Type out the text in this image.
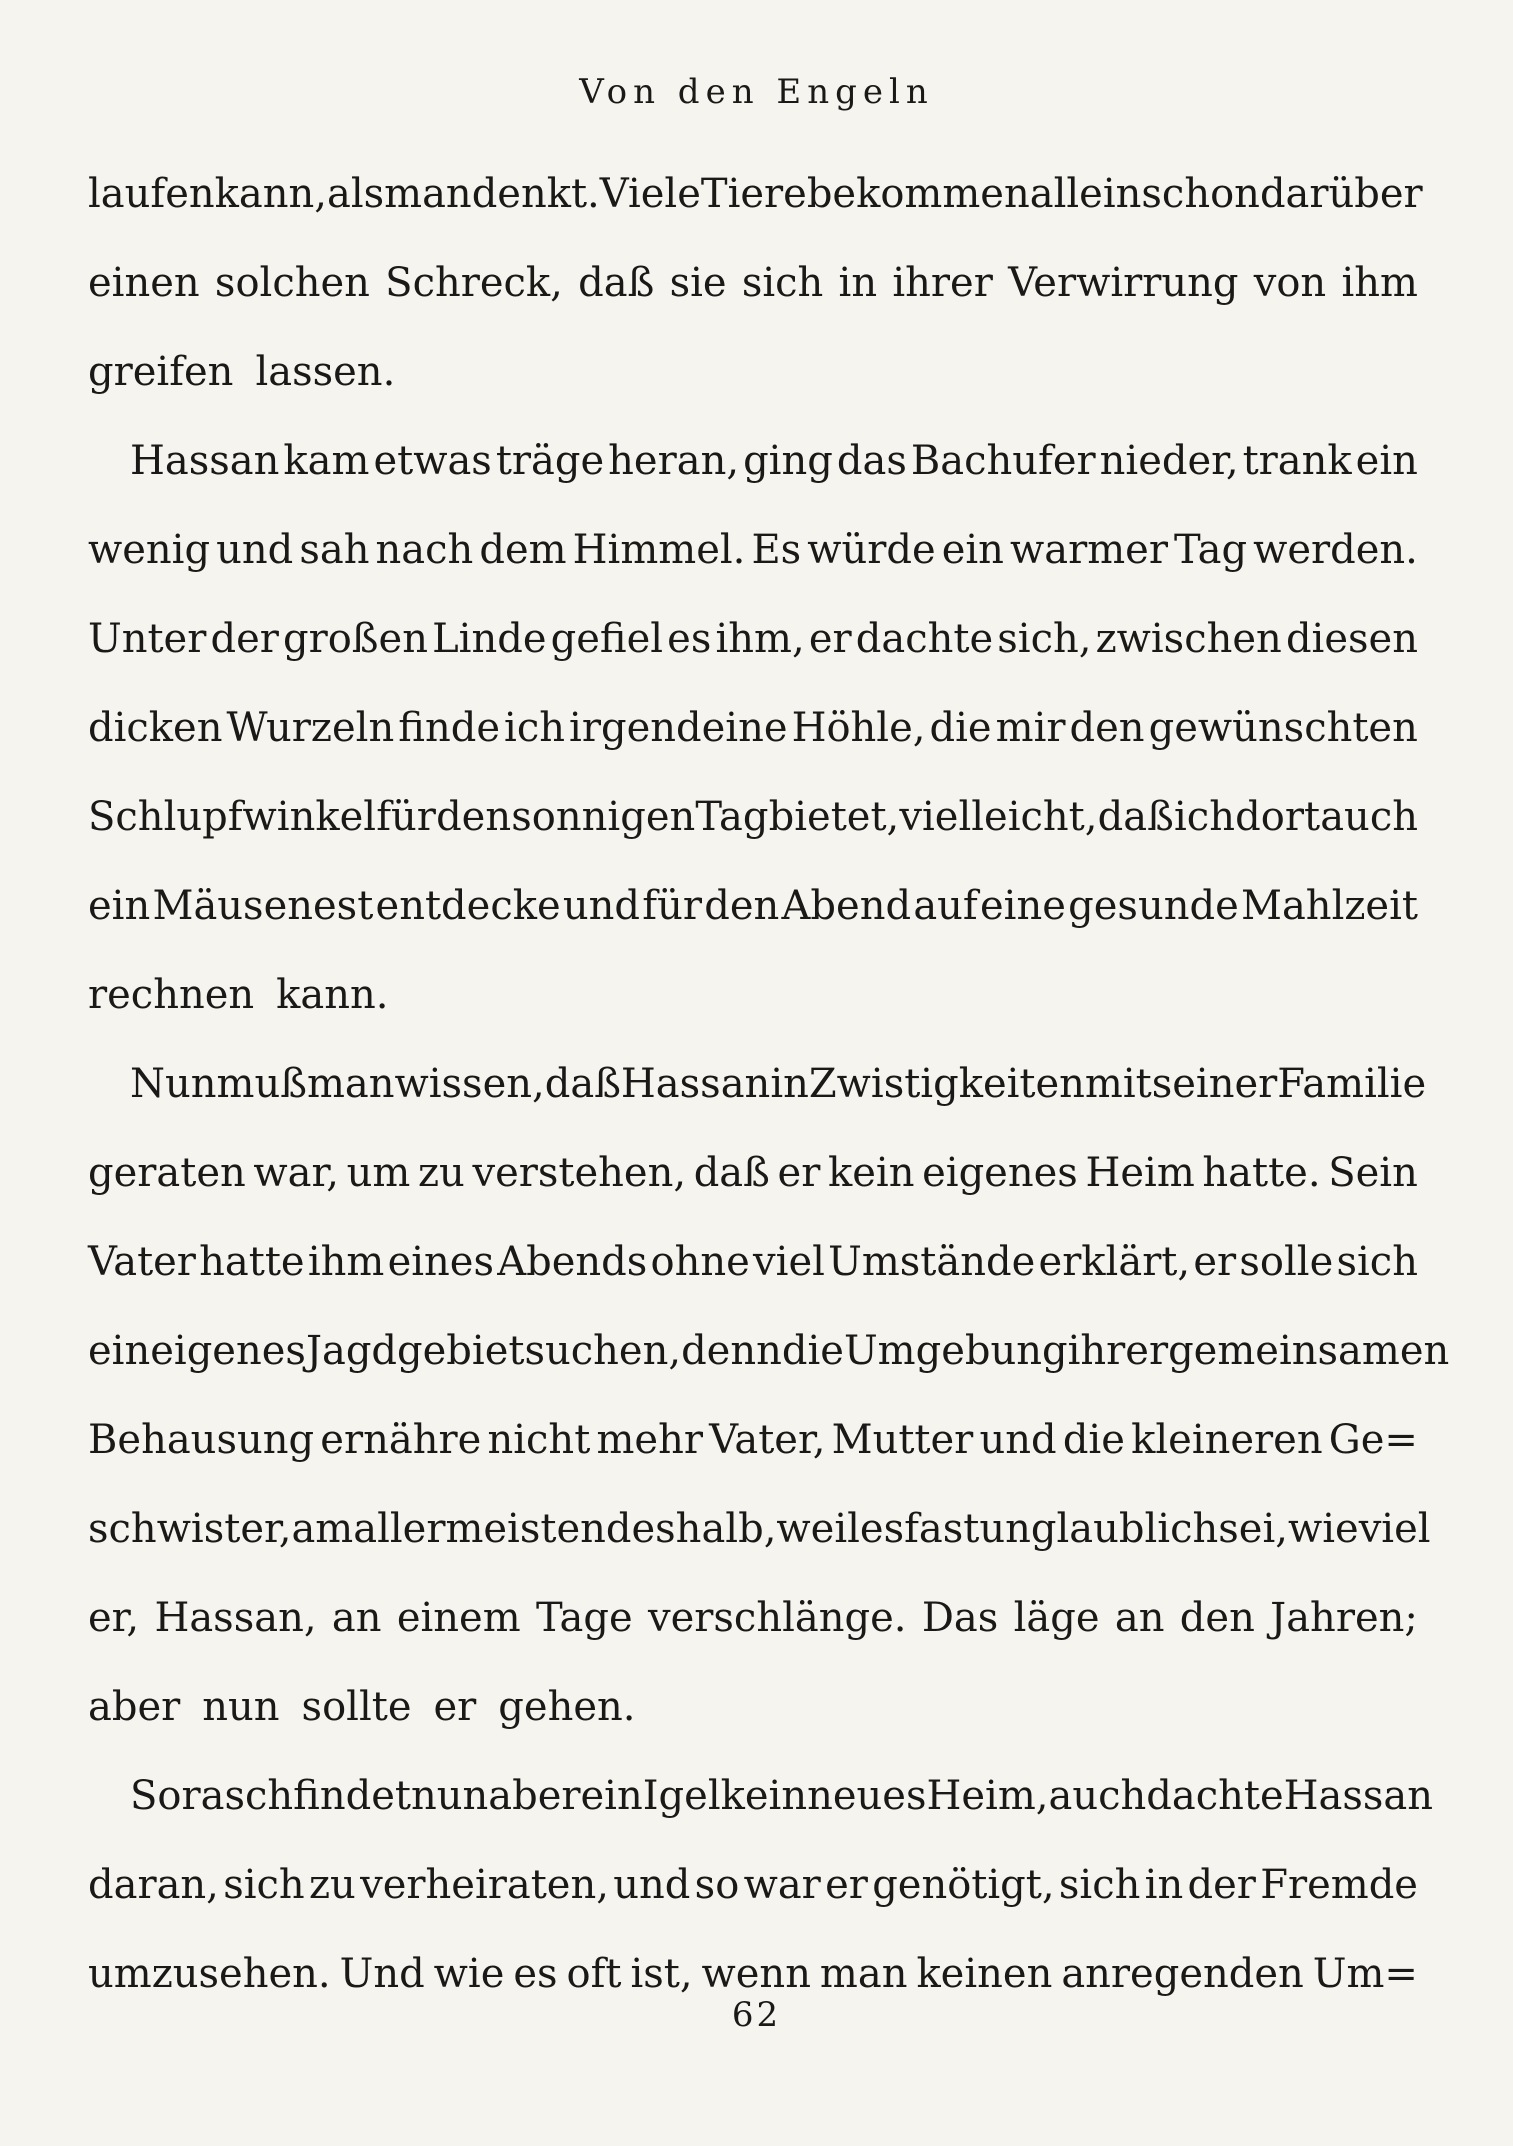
Von den Engeln
laufen kann, als man denkt. Viele Tiere bekommen allein schon darüber
einen solchen Schreck, daß sie sich in ihrer Verwirrung von ihm
greifen lassen.
Hassan kam etwas träge heran, ging das Bachufer nieder, trank ein
wenig und sah nach dem Himmel. Es würde ein warmer Tag werden.
Unter der großen Linde gefiel es ihm, er dachte sich, zwischen diesen
dicken Wurzeln finde ich irgendeine Höhle, die mir den gewünschten
Schlupfwinkel für den sonnigen Tag bietet, vielleicht, daß ich dort auch
ein Mäusenest entdecke und für den Abend auf eine gesunde Mahlzeit
rechnen kann.
Nun muß man wissen, daß Hassan in Zwistigkeiten mit seiner Familie
geraten war, um zu verstehen, daß er kein eigenes Heim hatte. Sein
Vater hatte ihm eines Abends ohne viel Umstände erklärt, er solle sich
ein eigenes Jagdgebiet suchen, denn die Umgebung ihrer gemeinsamen
Behausung ernähre nicht mehr Vater, Mutter und die kleineren Ge=
schwister, am allermeisten deshalb, weil es fast unglaublich sei, wieviel
er, Hassan, an einem Tage verschlänge. Das läge an den Jahren;
aber nun sollte er gehen.
So rasch findet nun aber ein Igel kein neues Heim, auch dachte Hassan
daran, sich zu verheiraten, und so war er genötigt, sich in der Fremde
umzusehen. Und wie es oft ist, wenn man keinen anregenden Um=
62
